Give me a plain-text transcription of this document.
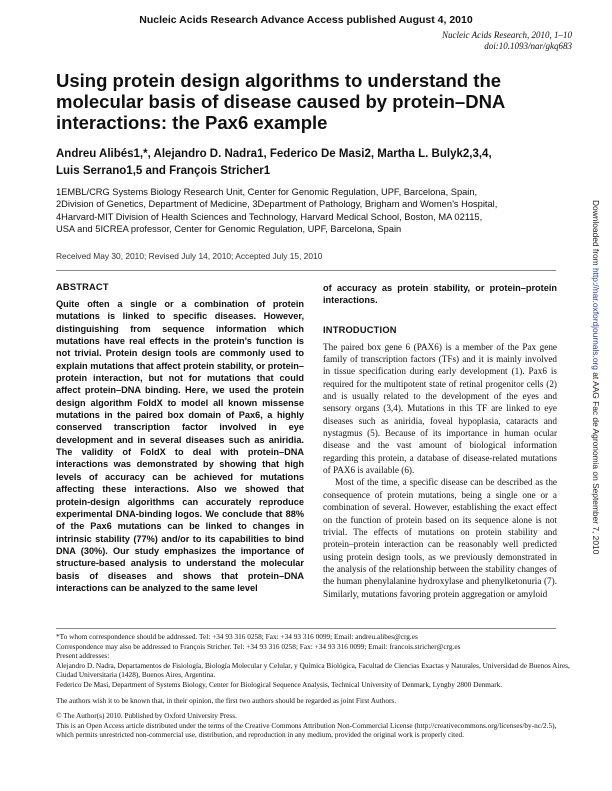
Nucleic Acids Research Advance Access published August 4, 2010
Nucleic Acids Research, 2010, 1–10
doi:10.1093/nar/gkq683
Using protein design algorithms to understand the molecular basis of disease caused by protein–DNA interactions: the Pax6 example
Andreu Alibés1,*, Alejandro D. Nadra1, Federico De Masi2, Martha L. Bulyk2,3,4,
Luis Serrano1,5 and François Stricher1
1EMBL/CRG Systems Biology Research Unit, Center for Genomic Regulation, UPF, Barcelona, Spain,
2Division of Genetics, Department of Medicine, 3Department of Pathology, Brigham and Women’s Hospital,
4Harvard-MIT Division of Health Sciences and Technology, Harvard Medical School, Boston, MA 02115,
USA and 5ICREA professor, Center for Genomic Regulation, UPF, Barcelona, Spain
Received May 30, 2010; Revised July 14, 2010; Accepted July 15, 2010
ABSTRACT

Quite often a single or a combination of protein mutations is linked to specific diseases. However, distinguishing from sequence information which mutations have real effects in the protein’s function is not trivial. Protein design tools are commonly used to explain mutations that affect protein stability, or protein–protein interaction, but not for mutations that could affect protein–DNA binding. Here, we used the protein design algorithm FoldX to model all known missense mutations in the paired box domain of Pax6, a highly conserved transcription factor involved in eye development and in several diseases such as aniridia. The validity of FoldX to deal with protein–DNA interactions was demonstrated by showing that high levels of accuracy can be achieved for mutations affecting these interactions. Also we showed that protein-design algorithms can accurately reproduce experimental DNA-binding logos. We conclude that 88% of the Pax6 mutations can be linked to changes in intrinsic stability (77%) and/or to its capabilities to bind DNA (30%). Our study emphasizes the importance of structure-based analysis to understand the molecular basis of diseases and shows that protein–DNA interactions can be analyzed to the same level

of accuracy as protein stability, or protein–protein interactions.

INTRODUCTION

The paired box gene 6 (PAX6) is a member of the Pax gene family of transcription factors (TFs) and it is mainly involved in tissue specification during early development (1). Pax6 is required for the multipotent state of retinal progenitor cells (2) and is usually related to the development of the eyes and sensory organs (3,4). Mutations in this TF are linked to eye diseases such as aniridia, foveal hypoplasia, cataracts and nystagmus (5). Because of its importance in human ocular disease and the vast amount of biological information regarding this protein, a database of disease-related mutations of PAX6 is available (6).

Most of the time, a specific disease can be described as the consequence of protein mutations, being a single one or a combination of several. However, establishing the exact effect on the function of protein based on its sequence alone is not trivial. The effects of mutations on protein stability and protein–protein interaction can be reasonably well predicted using protein design tools, as we previously demonstrated in the analysis of the relationship between the stability changes of the human phenylalanine hydroxylase and phenylketonuria (7). Similarly, mutations favoring protein aggregation or amyloid

*To whom correspondence should be addressed. Tel: +34 93 316 0258; Fax: +34 93 316 0099; Email: andreu.alibes@crg.es

Correspondence may also be addressed to François Stricher. Tel: +34 93 316 0258; Fax: +34 93 316 0099; Email: francois.stricher@crg.es

Present addresses:

Alejandro D. Nadra, Departamentos de Fisiología, Biología Molecular y Celular, y Química Biológica, Facultad de Ciencias Exactas y Naturales, Universidad de Buenos Aires, Ciudad Universitaria (1428), Buenos Aires, Argentina.

Federico De Masi, Department of Systems Biology, Center for Biological Sequence Analysis, Technical University of Denmark, Lyngby 2800 Denmark.

The authors wish it to be known that, in their opinion, the first two authors should be regarded as joint First Authors.

© The Author(s) 2010. Published by Oxford University Press.

This is an Open Access article distributed under the terms of the Creative Commons Attribution Non-Commercial License (http://creativecommons.org/licenses/by-nc/2.5), which permits unrestricted non-commercial use, distribution, and reproduction in any medium, provided the original work is properly cited.

Downloaded from http://nar.oxfordjournals.org at AAG Fac de Agronomia on September 7, 2010
